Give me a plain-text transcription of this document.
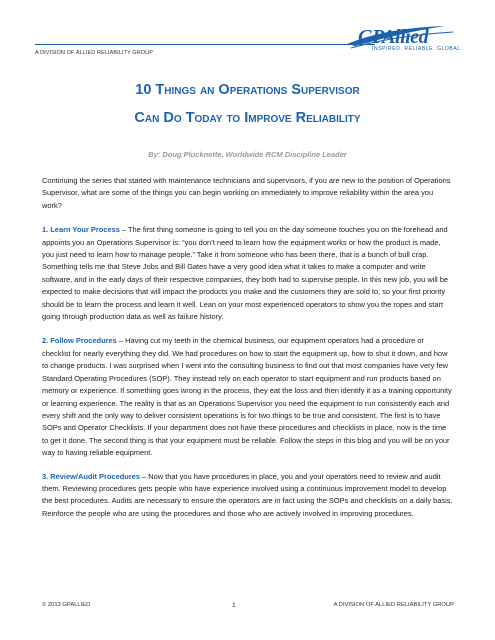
A DIVISION OF ALLIED RELIABILITY GROUP
GPAllied
INSPIRED. RELIABLE. GLOBAL.
10 Things an Operations Supervisor
Can Do Today to Improve Reliability
By: Doug Plucknette, Worldwide RCM Discipline Leader

Continuing the series that started with maintenance technicians and supervisors, if you are new to the position of Operations Supervisor, what are some of the things you can begin working on immediately to improve reliability within the area you work?

1. Learn Your Process – The first thing someone is going to tell you on the day someone touches you on the forehead and appoints you an Operations Supervisor is: “you don’t need to learn how the equipment works or how the product is made, you just need to learn how to manage people.” Take it from someone who has been there, that is a bunch of bull crap. Something tells me that Steve Jobs and Bill Gates have a very good idea what it takes to make a computer and write software, and in the early days of their respective companies, they both had to supervise people. In this new job, you will be expected to make decisions that will impact the products you make and the customers they are sold to, so your first priority should be to learn the process and learn it well. Lean on your most experienced operators to show you the ropes and start going through production data as well as failure history.

2. Follow Procedures – Having cut my teeth in the chemical business, our equipment operators had a procedure or checklist for nearly everything they did. We had procedures on how to start the equipment up, how to shut it down, and how to change products. I was surprised when I went into the consulting business to find out that most companies have very few Standard Operating Procedures (SOP). They instead rely on each operator to start equipment and run products based on memory or experience. If something goes wrong in the process, they eat the loss and then identify it as a training opportunity or learning experience. The reality is that as an Operations Supervisor you need the equipment to run consistently each and every shift and the only way to deliver consistent operations is for two things to be true and consistent. The first is to have SOPs and Operator Checklists. If your department does not have these procedures and checklists in place, now is the time to get it done. The second thing is that your equipment must be reliable. Follow the steps in this blog and you will be on your way to having reliable equipment.

3. Review/Audit Procedures – Now that you have procedures in place, you and your operators need to review and audit them. Reviewing procedures gets people who have experience involved using a continuous improvement model to develop the best procedures. Audits are necessary to ensure the operators are in fact using the SOPs and checklists on a daily basis. Reinforce the people who are using the procedures and those who are actively involved in improving procedures.

© 2013 GPALLIED	1	A DIVISION OF ALLIED RELIABILITY GROUP
